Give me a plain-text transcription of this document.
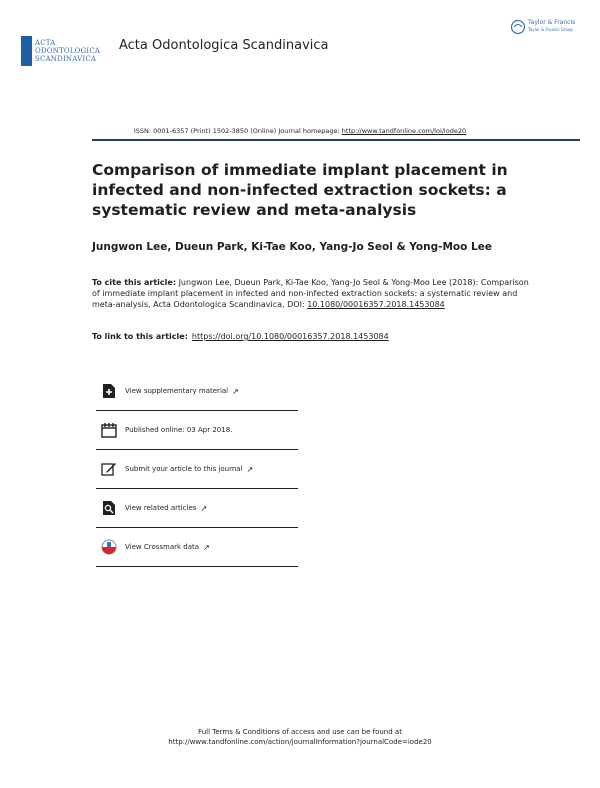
ACTA
ODONTOLOGICA
SCANDINAVICA
Acta Odontologica Scandinavica
Taylor & Francis
Taylor & Francis Group
ISSN: 0001-6357 (Print) 1502-3850 (Online) Journal homepage: http://www.tandfonline.com/loi/iode20
Comparison of immediate implant placement in infected and non-infected extraction sockets: a systematic review and meta-analysis
Jungwon Lee, Dueun Park, Ki-Tae Koo, Yang-Jo Seol & Yong-Moo Lee
To cite this article: Jungwon Lee, Dueun Park, Ki-Tae Koo, Yang-Jo Seol & Yong-Moo Lee (2018): Comparison of immediate implant placement in infected and non-infected extraction sockets: a systematic review and meta-analysis, Acta Odontologica Scandinavica, DOI: 10.1080/00016357.2018.1453084
To link to this article: https://doi.org/10.1080/00016357.2018.1453084
View supplementary material ↗
Published online: 03 Apr 2018.
Submit your article to this journal ↗
View related articles ↗
View Crossmark data ↗
Full Terms & Conditions of access and use can be found at
http://www.tandfonline.com/action/journalInformation?journalCode=iode20
